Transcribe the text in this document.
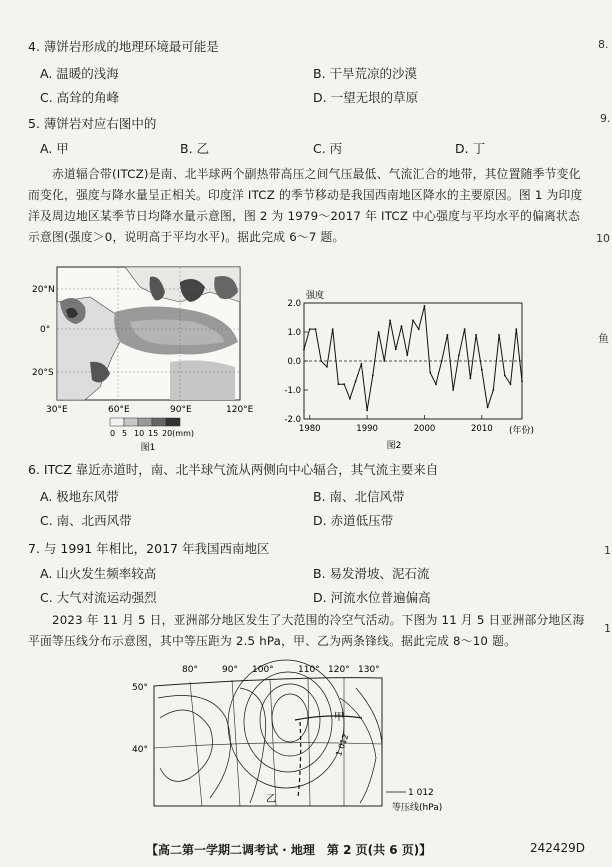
4. 薄饼岩形成的地理环境最可能是
A. 温暖的浅海	B. 干旱荒凉的沙漠
C. 高耸的角峰	D. 一望无垠的草原
5. 薄饼岩对应右图中的
A. 甲	B. 乙	C. 丙	D. 丁

赤道辐合带(ITCZ)是南、北半球两个副热带高压之间气压最低、气流汇合的地带，其位置随季节变化而变化，强度与降水量呈正相关。印度洋 ITCZ 的季节移动是我国西南地区降水的主要原因。图 1 为印度洋及周边地区某季节日均降水量示意图，图 2 为 1979～2017 年 ITCZ 中心强度与平均水平的偏离状态示意图(强度＞0，说明高于平均水平)。据此完成 6～7 题。

20°N
0°
20°S
30°E	60°E	90°E	120°E
0 5 10 15 20(mm)
图1
强度
2.0
1.0
0.0
-1.0
-2.0
1980	1990	2000	2010 (年份)
图2
6. ITCZ 靠近赤道时，南、北半球气流从两侧向中心辐合，其气流主要来自
A. 极地东风带	B. 南、北信风带
C. 南、北西风带	D. 赤道低压带
7. 与 1991 年相比，2017 年我国西南地区
A. 山火发生频率较高	B. 易发滑坡、泥石流
C. 大气对流运动强烈	D. 河流水位普遍偏高

2023 年 11 月 5 日，亚洲部分地区发生了大范围的冷空气活动。下图为 11 月 5 日亚洲部分地区海平面等压线分布示意图，其中等压距为 2.5 hPa，甲、乙为两条锋线。据此完成 8～10 题。

甲
乙
1 012
80°	90° 100°	110° 120° 130°
50°
40°
1 012
等压线(hPa)
8.
9.
10
鱼
1
1
【高二第一学期二调考试 · 地理　第 2 页(共 6 页)】	242429D
